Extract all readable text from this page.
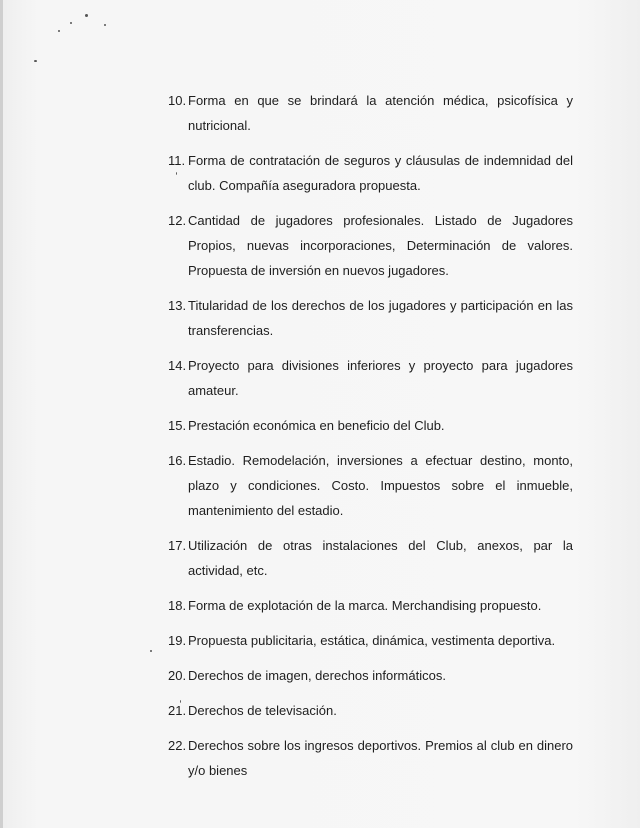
10. Forma en que se brindará la atención médica, psicofísica y nutricional.
11. Forma de contratación de seguros y cláusulas de indemnidad del club. Compañía aseguradora propuesta.
12. Cantidad de jugadores profesionales. Listado de Jugadores Propios, nuevas incorporaciones, Determinación de valores. Propuesta de inversión en nuevos jugadores.
13. Titularidad de los derechos de los jugadores y participación en las transferencias.
14. Proyecto para divisiones inferiores y proyecto para jugadores amateur.
15. Prestación económica en beneficio del Club.
16. Estadio. Remodelación, inversiones a efectuar destino, monto, plazo y condiciones. Costo. Impuestos sobre el inmueble, mantenimiento del estadio.
17. Utilización de otras instalaciones del Club, anexos, par la actividad, etc.
18. Forma de explotación de la marca. Merchandising propuesto.
19. Propuesta publicitaria, estática, dinámica, vestimenta deportiva.
20. Derechos de imagen, derechos informáticos.
21. Derechos de televisación.
22. Derechos sobre los ingresos deportivos. Premios al club en dinero y/o bienes
